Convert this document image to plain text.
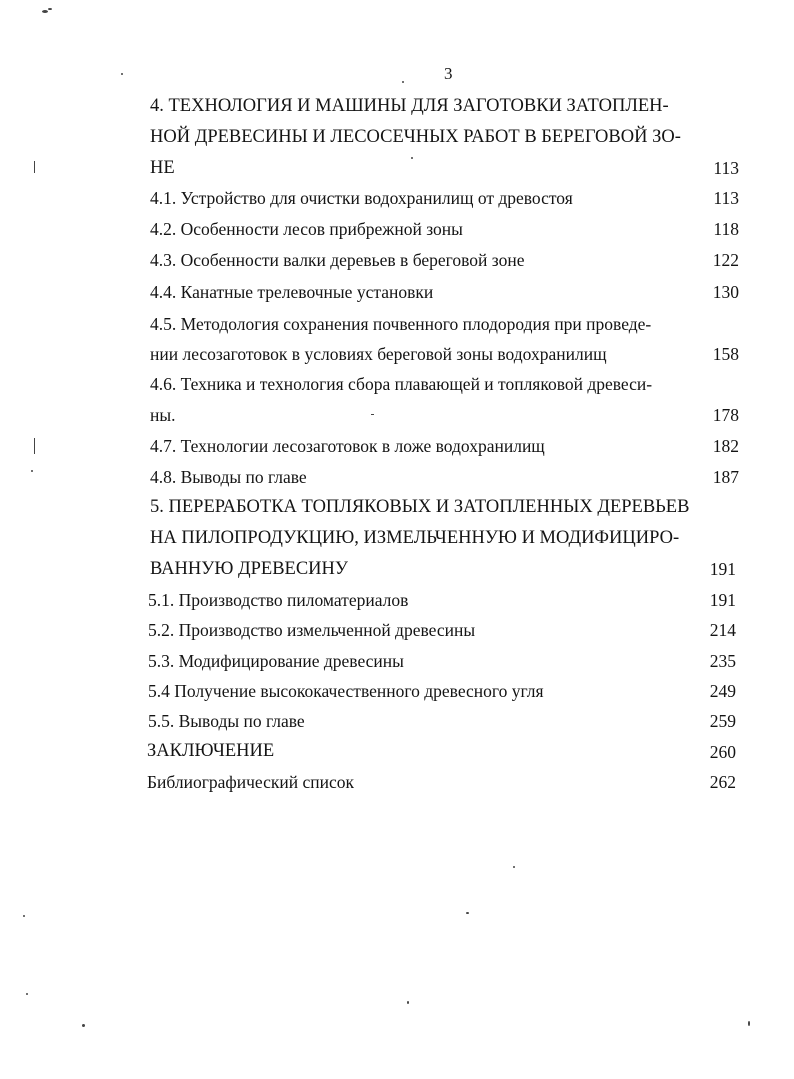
3
4. ТЕХНОЛОГИЯ И МАШИНЫ ДЛЯ ЗАГОТОВКИ ЗАТОПЛЕН-
НОЙ ДРЕВЕСИНЫ И ЛЕСОСЕЧНЫХ РАБОТ В БЕРЕГОВОЙ ЗО-
НЕ	113
4.1. Устройство для очистки водохранилищ от древостоя	113
4.2. Особенности лесов прибрежной зоны	118
4.3. Особенности валки деревьев в береговой зоне	122
4.4. Канатные трелевочные установки	130
4.5. Методология сохранения почвенного плодородия при проведе-
нии лесозаготовок в условиях береговой зоны водохранилищ	158
4.6. Техника и технология сбора плавающей и топляковой древеси-
ны.	178
4.7. Технологии лесозаготовок в ложе водохранилищ	182
4.8. Выводы по главе	187
5. ПЕРЕРАБОТКА ТОПЛЯКОВЫХ И ЗАТОПЛЕННЫХ ДЕРЕВЬЕВ
НА ПИЛОПРОДУКЦИЮ, ИЗМЕЛЬЧЕННУЮ И МОДИФИЦИРО-
ВАННУЮ ДРЕВЕСИНУ	191
5.1. Производство пиломатериалов	191
5.2. Производство измельченной древесины	214
5.3. Модифицирование древесины	235
5.4 Получение высококачественного древесного угля	249
5.5. Выводы по главе	259
ЗАКЛЮЧЕНИЕ	260
Библиографический список	262
